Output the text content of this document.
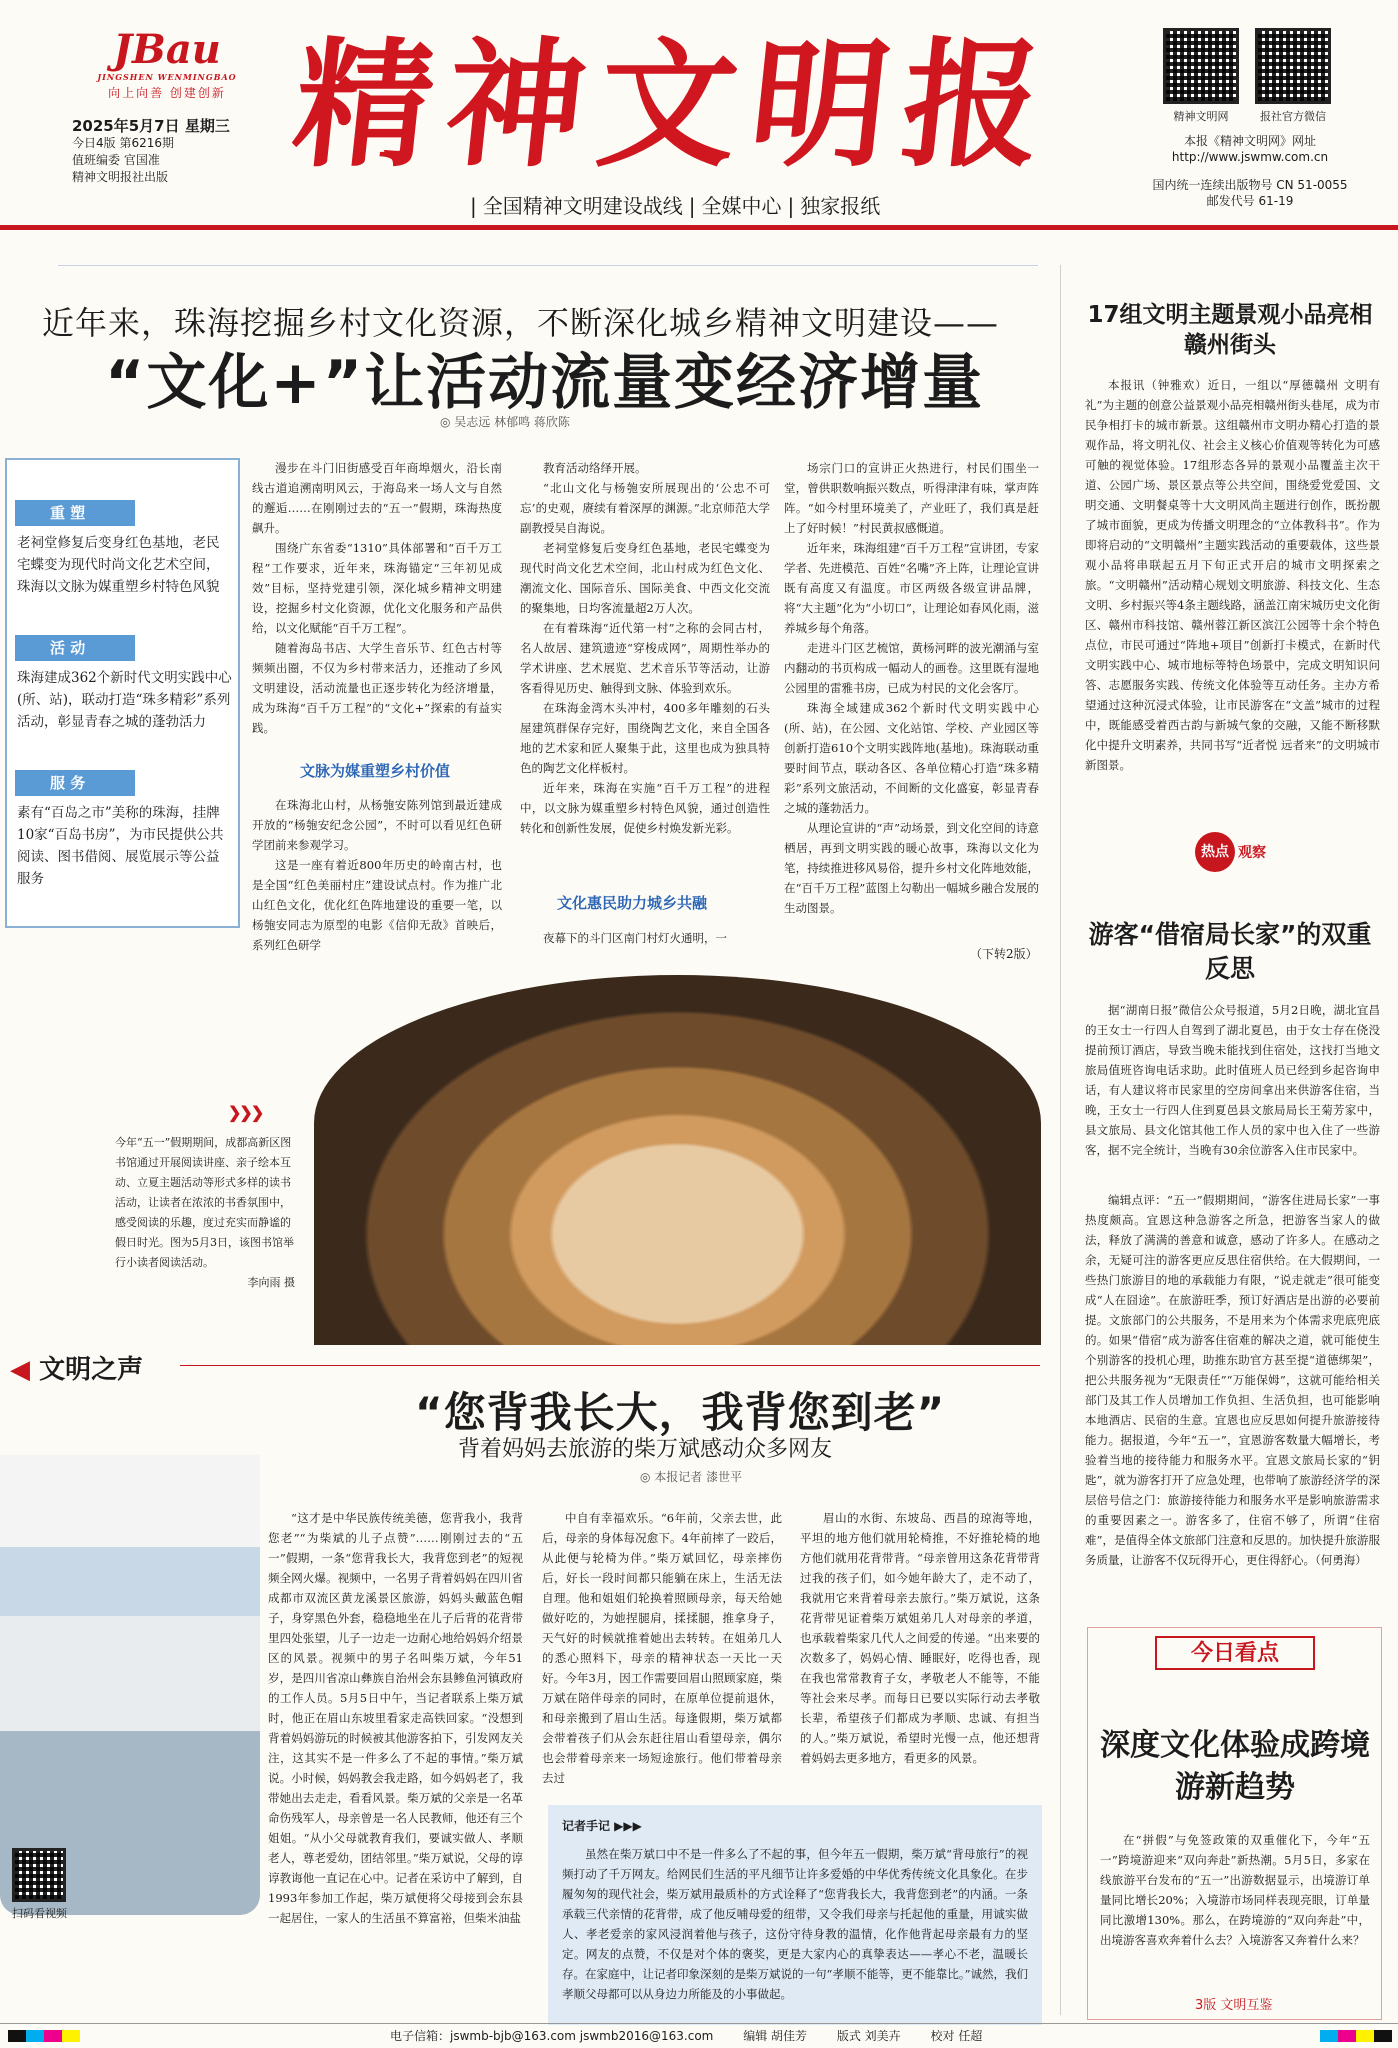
JBau
JINGSHEN WENMINGBAO
向上向善 创建创新
2025年5月7日 星期三
今日4版 第6216期
值班编委 官国准
精神文明报社出版 精神文明报
| 全国精神文明建设战线 | 全媒中心 | 独家报纸
精神文明网	报社官方微信
本报《精神文明网》网址
http://www.jswmw.com.cn
国内统一连续出版物号 CN 51-0055
邮发代号 61-19
近年来，珠海挖掘乡村文化资源，不断深化城乡精神文明建设——
“文化+”让活动流量变经济增量
◎ 吴志远 林郁鸣 蒋欣陈
重 塑
老祠堂修复后变身红色基地，老民宅蝶变为现代时尚文化艺术空间，珠海以文脉为媒重塑乡村特色风貌
活 动
珠海建成362个新时代文明实践中心(所、站)，联动打造“珠多精彩”系列活动，彰显青春之城的蓬勃活力
服 务
素有“百岛之市”美称的珠海，挂牌10家“百岛书房”，为市民提供公共阅读、图书借阅、展览展示等公益服务

漫步在斗门旧街感受百年商埠烟火，沿长南线古道追溯南明风云，于海岛来一场人文与自然的邂逅……在刚刚过去的“五一”假期，珠海热度飙升。

围绕广东省委“1310”具体部署和“百千万工程”工作要求，近年来，珠海锚定“三年初见成效”目标，坚持党建引领，深化城乡精神文明建设，挖掘乡村文化资源，优化文化服务和产品供给，以文化赋能“百千万工程”。

随着海岛书店、大学生音乐节、红色古村等频频出圈，不仅为乡村带来活力，还推动了乡风文明建设，活动流量也正逐步转化为经济增量，成为珠海“百千万工程”的“文化+”探索的有益实践。

文脉为媒重塑乡村价值

在珠海北山村，从杨匏安陈列馆到最近建成开放的“杨匏安纪念公园”，不时可以看见红色研学团前来参观学习。

这是一座有着近800年历史的岭南古村，也是全国“红色美丽村庄”建设试点村。作为推广北山红色文化，优化红色阵地建设的重要一笔，以杨匏安同志为原型的电影《信仰无敌》首映后，系列红色研学

教育活动络绎开展。

“北山文化与杨匏安所展现出的‘公忠不可忘’的史观，赓续有着深厚的渊源。”北京师范大学副教授吴自海说。

老祠堂修复后变身红色基地，老民宅蝶变为现代时尚文化艺术空间，北山村成为红色文化、潮流文化、国际音乐、国际美食、中西文化交流的聚集地，日均客流量超2万人次。

在有着珠海“近代第一村”之称的会同古村，名人故居、建筑遗迹“穿梭成网”，周期性举办的学术讲座、艺术展览、艺术音乐节等活动，让游客看得见历史、触得到文脉、体验到欢乐。

在珠海金湾木头冲村，400多年雕刻的石头屋建筑群保存完好，围绕陶艺文化，来自全国各地的艺术家和匠人聚集于此，这里也成为独具特色的陶艺文化样板村。

近年来，珠海在实施“百千万工程”的进程中，以文脉为媒重塑乡村特色风貌，通过创造性转化和创新性发展，促使乡村焕发新光彩。

文化惠民助力城乡共融

夜幕下的斗门区南门村灯火通明，一

场宗门口的宣讲正火热进行，村民们围坐一堂，曾供职数响振兴数点，听得津津有味，掌声阵阵。“如今村里环境美了，产业旺了，我们真是赶上了好时候！”村民黄叔感慨道。

近年来，珠海组建“百千万工程”宣讲团，专家学者、先进模范、百姓“名嘴”齐上阵，让理论宣讲既有高度又有温度。市区两级各级宣讲品牌，将“大主题”化为“小切口”，让理论如春风化雨，滋养城乡每个角落。

走进斗门区艺梳馆，黄杨河畔的波光潮涌与室内翻动的书页构成一幅动人的画卷。这里既有湿地公园里的雷雅书房，已成为村民的文化会客厅。

珠海全域建成362个新时代文明实践中心(所、站)，在公园、文化站馆、学校、产业园区等创新打造610个文明实践阵地(基地)。珠海联动重要时间节点，联动各区、各单位精心打造“珠多精彩”系列文旅活动，不间断的文化盛宴，彰显青春之城的蓬勃活力。

从理论宣讲的“声”动场景，到文化空间的诗意栖居，再到文明实践的暖心故事，珠海以文化为笔，持续推进移风易俗，提升乡村文化阵地效能，在“百千万工程”蓝图上勾勒出一幅城乡融合发展的生动图景。

（下转2版）
❯❯❯
今年“五一”假期期间，成都高新区图书馆通过开展阅读讲座、亲子绘本互动、立夏主题活动等形式多样的读书活动，让读者在浓浓的书香氛围中，感受阅读的乐趣，度过充实而静谧的假日时光。图为5月3日，该图书馆举行小读者阅读活动。
李向雨 摄
◀ 文明之声
“您背我长大，我背您到老”
背着妈妈去旅游的柴万斌感动众多网友
◎ 本报记者 漆世平
扫码看视频

“这才是中华民族传统美德，您背我小，我背您老”“为柴斌的儿子点赞”……刚刚过去的“五一”假期，一条“您背我长大，我背您到老”的短视频全网火爆。视频中，一名男子背着妈妈在四川省成都市双流区黄龙溪景区旅游，妈妈头戴蓝色帽子，身穿黑色外套，稳稳地坐在儿子后背的花背带里四处张望，儿子一边走一边耐心地给妈妈介绍景区的风景。视频中的男子名叫柴万斌，今年51岁，是四川省凉山彝族自治州会东县鲹鱼河镇政府的工作人员。5月5日中午，当记者联系上柴万斌时，他正在眉山东坡里看家走高铁回家。“没想到背着妈妈游玩的时候被其他游客拍下，引发网友关注，这其实不是一件多么了不起的事情。”柴万斌说。小时候，妈妈教会我走路，如今妈妈老了，我带她出去走走，看看风景。柴万斌的父亲是一名革命伤残军人，母亲曾是一名人民教师，他还有三个姐姐。“从小父母就教育我们，要诚实做人、孝顺老人，尊老爱幼，团结邻里。”柴万斌说，父母的谆谆教诲他一直记在心中。记者在采访中了解到，自1993年参加工作起，柴万斌便将父母接到会东县一起居住，一家人的生活虽不算富裕，但柴米油盐

中自有幸福欢乐。“6年前，父亲去世，此后，母亲的身体每况愈下。4年前摔了一跤后，从此便与轮椅为伴。”柴万斌回忆，母亲摔伤后，好长一段时间都只能躺在床上，生活无法自理。他和姐姐们轮换着照顾母亲，每天给她做好吃的，为她捏腿肩，揉揉腿，推拿身子，天气好的时候就推着她出去转转。在姐弟几人的悉心照料下，母亲的精神状态一天比一天好。今年3月，因工作需要回眉山照顾家庭，柴万斌在陪伴母亲的同时，在原单位提前退休，和母亲搬到了眉山生活。每逢假期，柴万斌都会带着孩子们从会东赶往眉山看望母亲，偶尔也会带着母亲来一场短途旅行。他们带着母亲去过

眉山的水街、东坡岛、西昌的琼海等地，平坦的地方他们就用轮椅推，不好推轮椅的地方他们就用花背带背。“母亲曾用这条花背带背过我的孩子们，如今她年龄大了，走不动了，我就用它来背着母亲去旅行。”柴万斌说，这条花背带见证着柴万斌姐弟几人对母亲的孝道，也承载着柴家几代人之间爱的传递。“出来要的次数多了，妈妈心情、睡眠好，吃得也香，现在我也常常教育子女，孝敬老人不能等，不能等社会来尽孝。而每日已要以实际行动去孝敬长辈，希望孩子们都成为孝顺、忠诚、有担当的人。”柴万斌说，希望时光慢一点，他还想背着妈妈去更多地方，看更多的风景。

记者手记 ▶▶▶
虽然在柴万斌口中不是一件多么了不起的事，但今年五一假期，柴万斌“背母旅行”的视频打动了千万网友。给网民们生活的平凡细节让许多爱婚的中华优秀传统文化具象化。在步履匆匆的现代社会，柴万斌用最质朴的方式诠释了“您背我长大，我背您到老”的内涵。一条承载三代亲情的花背带，成了他反哺母爱的纽带，又令我们母亲与托起他的重量，用诚实做人、孝老爱亲的家风浸润着他与孩子，这份守待身教的温情，化作他背起母亲最有力的坚定。网友的点赞，不仅是对个体的褒奖，更是大家内心的真挚表达——孝心不老，温暖长存。在家庭中，让记者印象深刻的是柴万斌说的一句“孝顺不能等，更不能靠比。”诚然，我们孝顺父母都可以从身边力所能及的小事做起。
17组文明主题景观小品亮相赣州街头

本报讯（钟雅欢）近日，一组以“厚德赣州 文明有礼”为主题的创意公益景观小品亮相赣州街头巷尾，成为市民争相打卡的城市新景。这组赣州市文明办精心打造的景观作品，将文明礼仪、社会主义核心价值观等转化为可感可触的视觉体验。17组形态各异的景观小品覆盖主次干道、公园广场、景区景点等公共空间，围绕爱党爱国、文明交通、文明餐桌等十大文明风尚主题进行创作，既扮靓了城市面貌，更成为传播文明理念的“立体教科书”。作为即将启动的“文明赣州”主题实践活动的重要载体，这些景观小品将串联起五月下旬正式开启的城市文明探索之旅。“文明赣州”活动精心规划文明旅游、科技文化、生态文明、乡村振兴等4条主题线路，涵盖江南宋城历史文化街区、赣州市科技馆、赣州蓉江新区滨江公园等十余个特色点位，市民可通过“阵地+项目”创新打卡模式，在新时代文明实践中心、城市地标等特色场景中，完成文明知识问答、志愿服务实践、传统文化体验等互动任务。主办方希望通过这种沉浸式体验，让市民游客在“文盖”城市的过程中，既能感受着西古韵与新城气象的交融，又能不断移默化中提升文明素养，共同书写“近者悦 远者来”的文明城市新图景。

热点 观察
游客“借宿局长家”的双重反思

据“湖南日报”微信公众号报道，5月2日晚，湖北宜昌的王女士一行四人自驾到了湖北夏邑，由于女士存在侥没提前预订酒店，导致当晚未能找到住宿处，这找打当地文旅局值班咨询电话求助。此时值班人员已经到乡起咨询申话，有人建议将市民家里的空房间拿出来供游客住宿，当晚，王女士一行四人住到夏邑县文旅局局长王菊芳家中，县文旅局、县文化馆其他工作人员的家中也入住了一些游客，据不完全统计，当晚有30余位游客入住市民家中。

编辑点评：“五一”假期期间，“游客住进局长家”一事热度颇高。宜恩这种急游客之所急，把游客当家人的做法，释放了满满的善意和诚意，感动了许多人。在感动之余，无疑可注的游客更应反思住宿供给。在大假期间，一些热门旅游目的地的承载能力有限，“说走就走”很可能变成“人在囧途”。在旅游旺季，预订好酒店是出游的必要前提。文旅部门的公共服务，不是用来为个体需求兜底兜底的。如果“借宿”成为游客住宿难的解决之道，就可能使生个别游客的投机心理，助推东助官方甚至提“道德绑架”，把公共服务视为“无限责任”“万能保姆”，这就可能给相关部门及其工作人员增加工作负担、生活负担，也可能影响本地酒店、民宿的生意。宜恩也应反思如何提升旅游接待能力。据报道，今年“五一”，宜恩游客数量大幅增长，考验着当地的接待能力和服务水平。宜恩文旅局长家的“钥匙”，就为游客打开了应急处理，也带响了旅游经济学的深层倍号信之门：旅游接待能力和服务水平是影响旅游需求的重要因素之一。游客多了，住宿不够了，所谓“住宿难”，是值得全体文旅部门注意和反思的。加快提升旅游服务质量，让游客不仅玩得开心，更住得舒心。（何勇海）

今日看点
深度文化体验成跨境游新趋势

在“拼假”与免签政策的双重催化下，今年“五一”跨境游迎来“双向奔赴”新热潮。5月5日，多家在线旅游平台发布的“五一”出游数据显示，出境游订单量同比增长20%；入境游市场同样表现亮眼，订单量同比激增130%。那么，在跨境游的“双向奔赴”中，出境游客喜欢奔着什么去？入境游客又奔着什么来？

3版 文明互鉴
电子信箱：jswmb-bjb@163.com jswmb2016@163.com 编辑 胡佳芳 版式 刘美卉 校对 任超
